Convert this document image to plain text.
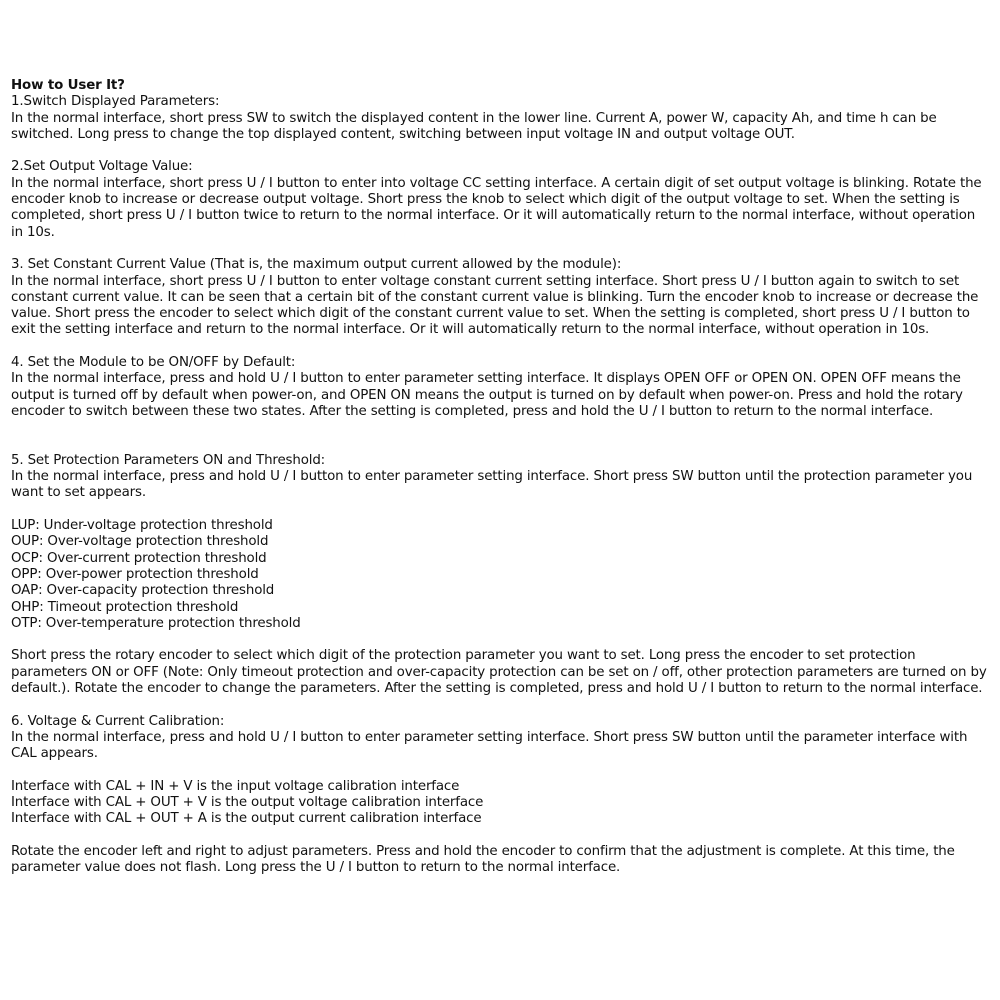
How to User It?

1.Switch Displayed Parameters:

In the normal interface, short press SW to switch the displayed content in the lower line. Current A, power W, capacity Ah, and time h can be switched. Long press to change the top displayed content, switching between input voltage IN and output voltage OUT.

2.Set Output Voltage Value:

In the normal interface, short press U / I button to enter into voltage CC setting interface. A certain digit of set output voltage is blinking. Rotate the encoder knob to increase or decrease output voltage. Short press the knob to select which digit of the output voltage to set. When the setting is completed, short press U / I button twice to return to the normal interface. Or it will automatically return to the normal interface, without operation in 10s.

3. Set Constant Current Value (That is, the maximum output current allowed by the module):

In the normal interface, short press U / I button to enter voltage constant current setting interface. Short press U / I button again to switch to set constant current value. It can be seen that a certain bit of the constant current value is blinking. Turn the encoder knob to increase or decrease the value. Short press the encoder to select which digit of the constant current value to set. When the setting is completed, short press U / I button to exit the setting interface and return to the normal interface. Or it will automatically return to the normal interface, without operation in 10s.

4. Set the Module to be ON/OFF by Default:

In the normal interface, press and hold U / I button to enter parameter setting interface. It displays OPEN OFF or OPEN ON. OPEN OFF means the output is turned off by default when power-on, and OPEN ON means the output is turned on by default when power-on. Press and hold the rotary encoder to switch between these two states. After the setting is completed, press and hold the U / I button to return to the normal interface.

5. Set Protection Parameters ON and Threshold:

In the normal interface, press and hold U / I button to enter parameter setting interface. Short press SW button until the protection parameter you want to set appears.

LUP: Under-voltage protection threshold

OUP: Over-voltage protection threshold

OCP: Over-current protection threshold

OPP: Over-power protection threshold

OAP: Over-capacity protection threshold

OHP: Timeout protection threshold

OTP: Over-temperature protection threshold

Short press the rotary encoder to select which digit of the protection parameter you want to set. Long press the encoder to set protection parameters ON or OFF (Note: Only timeout protection and over-capacity protection can be set on / off, other protection parameters are turned on by default.). Rotate the encoder to change the parameters. After the setting is completed, press and hold U / I button to return to the normal interface.

6. Voltage & Current Calibration:

In the normal interface, press and hold U / I button to enter parameter setting interface. Short press SW button until the parameter interface with CAL appears.

Interface with CAL + IN + V is the input voltage calibration interface

Interface with CAL + OUT + V is the output voltage calibration interface

Interface with CAL + OUT + A is the output current calibration interface

Rotate the encoder left and right to adjust parameters. Press and hold the encoder to confirm that the adjustment is complete. At this time, the parameter value does not flash. Long press the U / I button to return to the normal interface.
